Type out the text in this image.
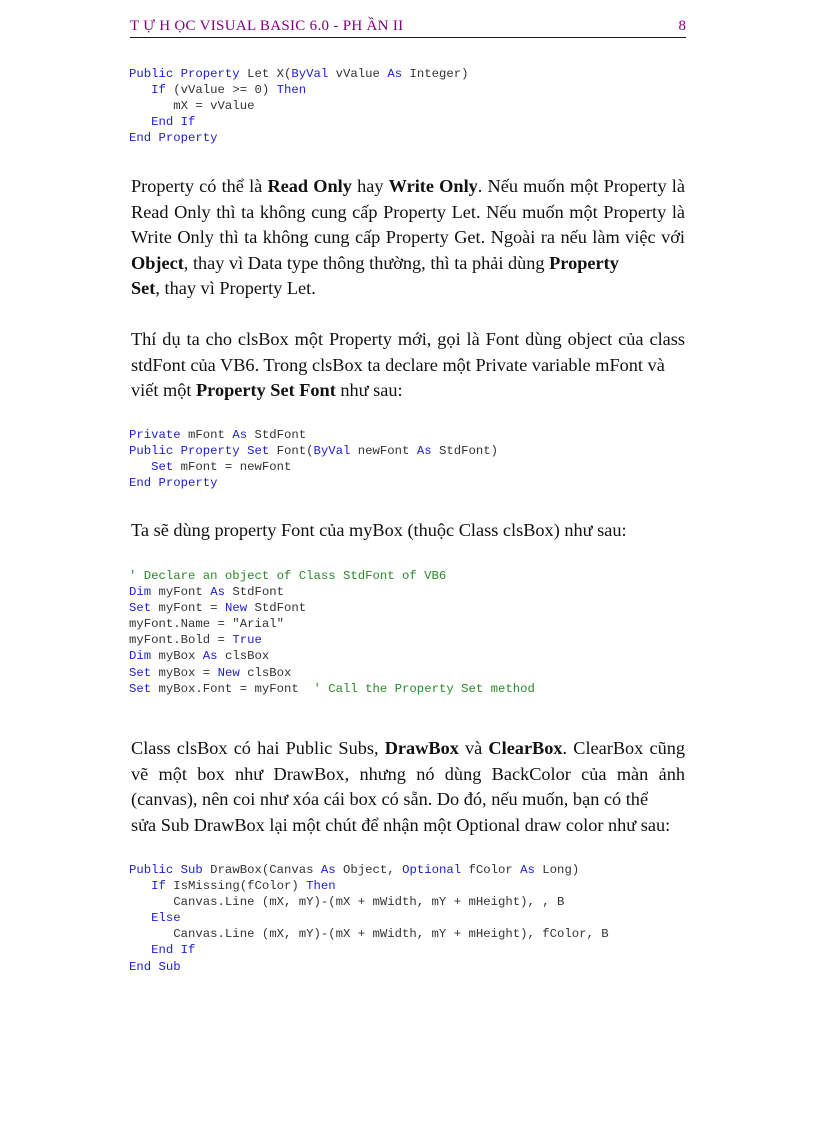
T Ự H ỌC VISUAL BASIC 6.0 - PH ẦN II	8
Public Property Let X(ByVal vValue As Integer)
If (vValue >= 0) Then
mX = vValue
End If
End Property
Property có thể là Read Only hay Write Only. Nếu muốn một Property là Read Only thì ta không cung cấp Property Let. Nếu muốn một Property là Write Only thì ta không cung cấp Property Get. Ngoài ra nếu làm việc với Object, thay vì Data type thông thường, thì ta phải dùng Property
Set, thay vì Property Let.
Thí dụ ta cho clsBox một Property mới, gọi là Font dùng object của class stdFont của VB6. Trong clsBox ta declare một Private variable mFont và
viết một Property Set Font như sau:
Private mFont As StdFont
Public Property Set Font(ByVal newFont As StdFont)
Set mFont = newFont
End Property
Ta sẽ dùng property Font của myBox (thuộc Class clsBox) như sau:
' Declare an object of Class StdFont of VB6
Dim myFont As StdFont
Set myFont = New StdFont
myFont.Name = "Arial"
myFont.Bold = True
Dim myBox As clsBox
Set myBox = New clsBox
Set myBox.Font = myFont  ' Call the Property Set method
Class clsBox có hai Public Subs, DrawBox và ClearBox. ClearBox cũng vẽ một box như DrawBox, nhưng nó dùng BackColor của màn ảnh (canvas), nên coi như xóa cái box có sẵn. Do đó, nếu muốn, bạn có thể
sửa Sub DrawBox lại một chút để nhận một Optional draw color như sau:
Public Sub DrawBox(Canvas As Object, Optional fColor As Long)
If IsMissing(fColor) Then
Canvas.Line (mX, mY)-(mX + mWidth, mY + mHeight), , B
Else
Canvas.Line (mX, mY)-(mX + mWidth, mY + mHeight), fColor, B
End If
End Sub
